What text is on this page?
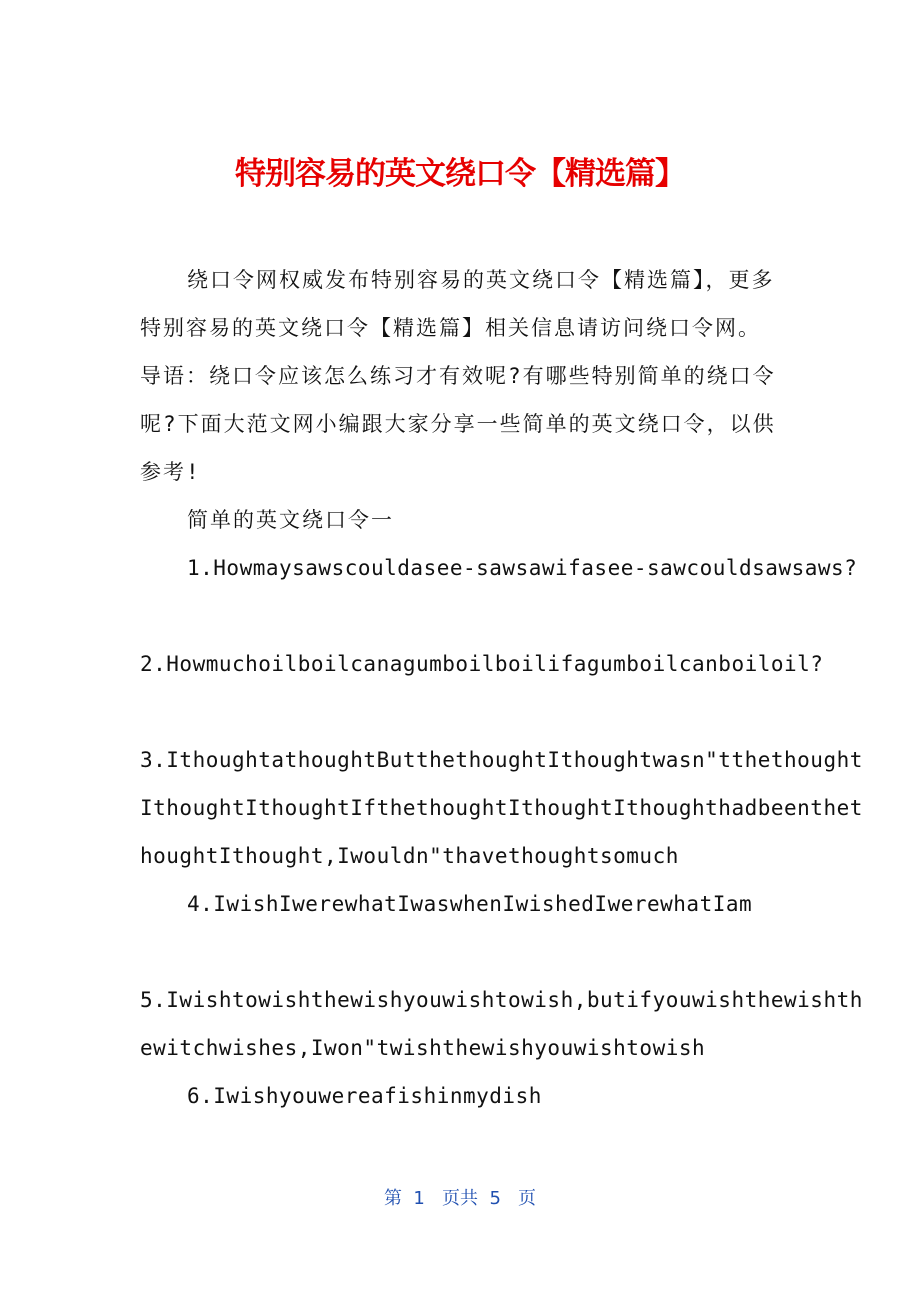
特别容易的英文绕口令【精选篇】
绕口令网权威发布特别容易的英文绕口令【精选篇】，更多
特别容易的英文绕口令【精选篇】相关信息请访问绕口令网。
导语：绕口令应该怎么练习才有效呢?有哪些特别简单的绕口令
呢?下面大范文网小编跟大家分享一些简单的英文绕口令，以供
参考!
简单的英文绕口令一
1.Howmaysawscouldasee-sawsawifasee-sawcouldsawsaws?
2.Howmuchoilboilcanagumboilboilifagumboilcanboiloil?
3.IthoughtathoughtButthethoughtIthoughtwasn"tthethought
IthoughtIthoughtIfthethoughtIthoughtIthoughthadbeenthet
houghtIthought,Iwouldn"thavethoughtsomuch
4.IwishIwerewhatIwaswhenIwishedIwerewhatIam
5.Iwishtowishthewishyouwishtowish,butifyouwishthewishth
ewitchwishes,Iwon"twishthewishyouwishtowish
6.Iwishyouwereafishinmydish
第  1   页共  5   页
